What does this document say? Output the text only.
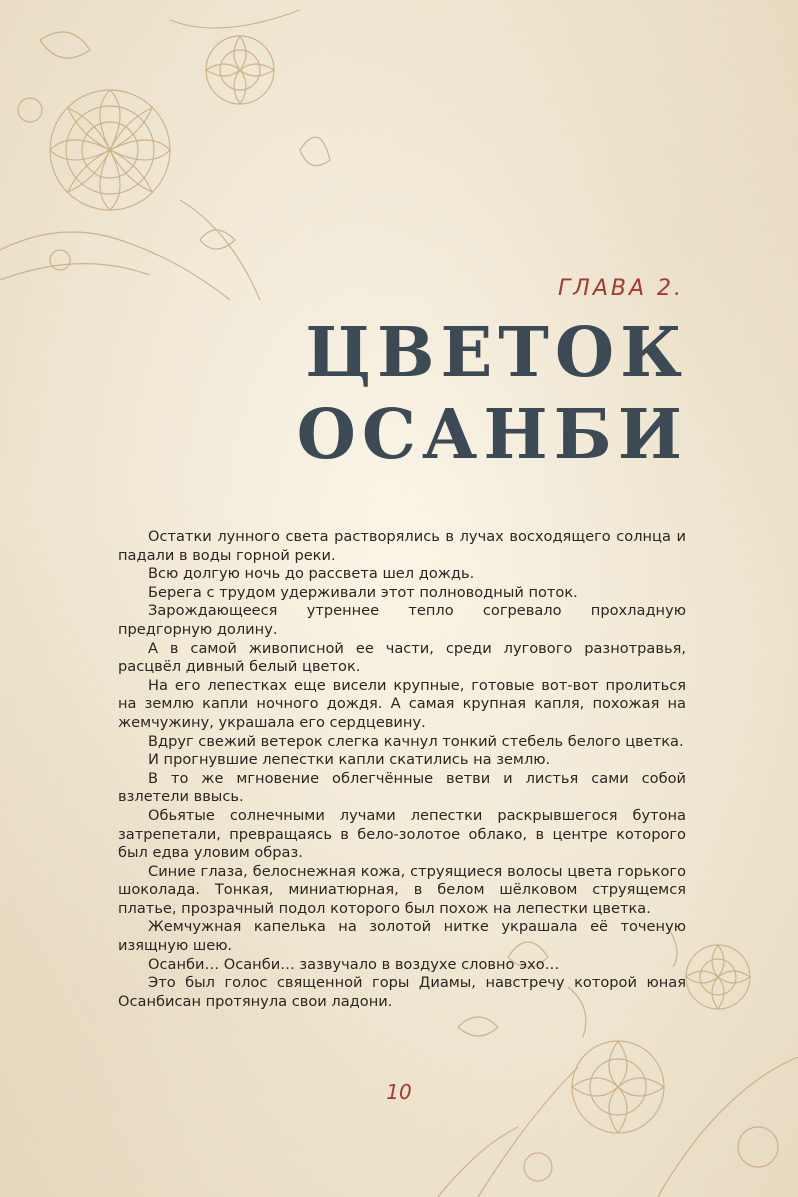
ГЛАВА 2.
ЦВЕТОК
ОСАНБИ

Остатки лунного света растворялись в лучах восходящего солнца и падали в воды горной реки.

Всю долгую ночь до рассвета шел дождь.

Берега с трудом удерживали этот полноводный поток.

Зарождающееся утреннее тепло согревало прохладную предгорную долину.

А в самой живописной ее части, среди лугового разнотравья, расцвёл дивный белый цветок.

На его лепестках еще висели крупные, готовые вот-вот пролиться на землю капли ночного дождя. А самая крупная капля, похожая на жемчужину, украшала его сердцевину.

Вдруг свежий ветерок слегка качнул тонкий стебель белого цветка.

И прогнувшие лепестки капли скатились на землю.

В то же мгновение облегчённые ветви и листья сами собой взлетели ввысь.

Обьятые солнечными лучами лепестки раскрывшегося бутона затрепетали, превращаясь в бело-золотое облако, в центре которого был едва уловим образ.

Синие глаза, белоснежная кожа, струящиеся волосы цвета горького шоколада. Тонкая, миниатюрная, в белом шёлковом струящемся платье, прозрачный подол которого был похож на лепестки цветка.

Жемчужная капелька на золотой нитке украшала её точеную изящную шею.

Осанби… Осанби… зазвучало в воздухе словно эхо…

Это был голос священной горы Диамы, навстречу которой юная Осанбисан протянула свои ладони.

10
